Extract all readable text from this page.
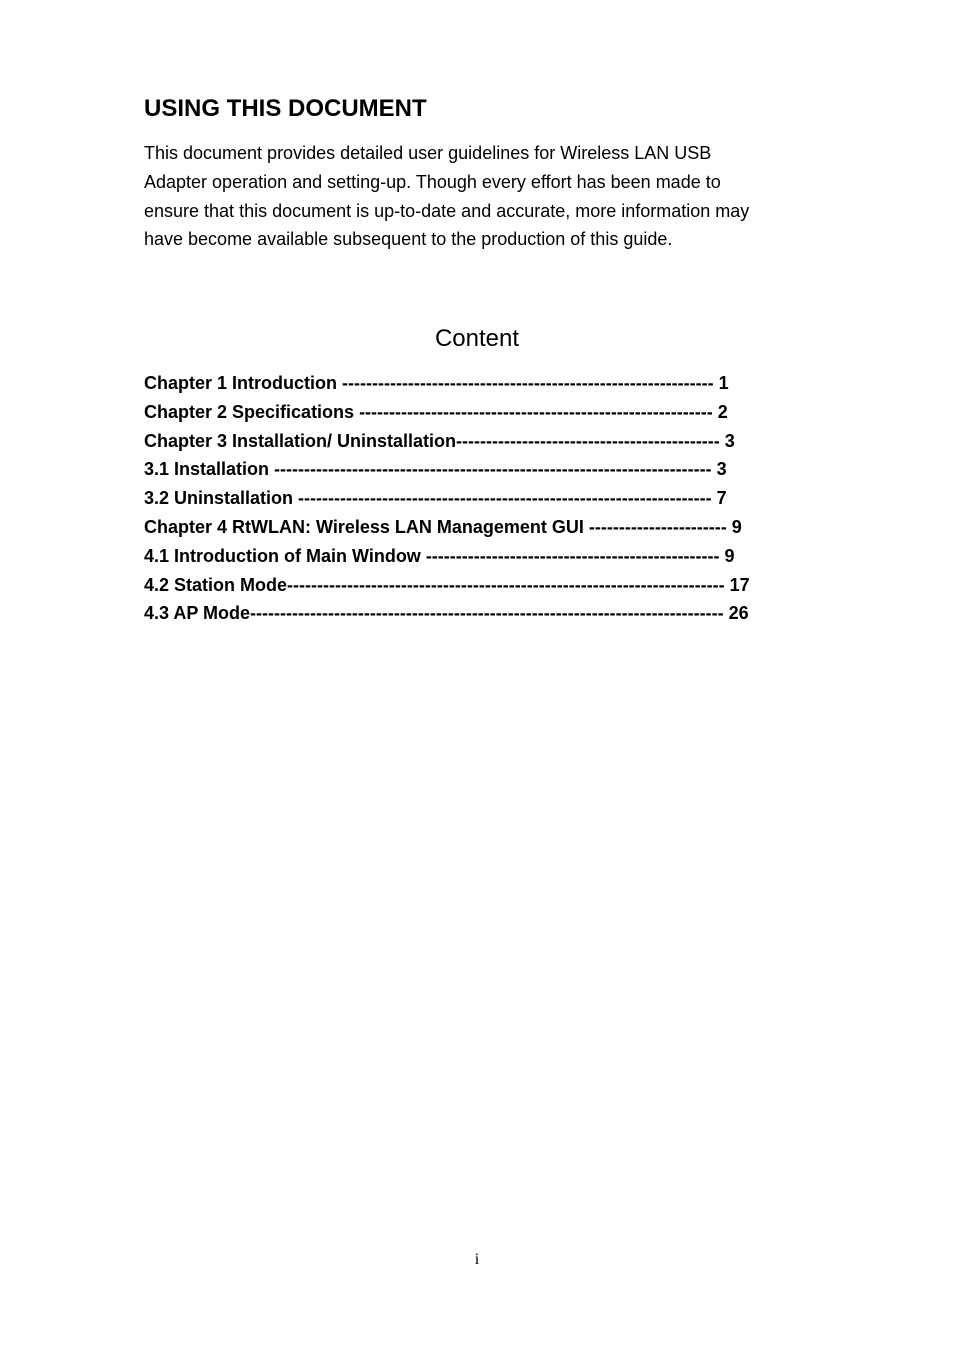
USING THIS DOCUMENT

This document provides detailed user guidelines for Wireless LAN USB
Adapter operation and setting-up. Though every effort has been made to
ensure that this document is up-to-date and accurate, more information may
have become available subsequent to the production of this guide.

Content
Chapter 1 Introduction -------------------------------------------------------------- 1
Chapter 2 Specifications ----------------------------------------------------------- 2
Chapter 3 Installation/ Uninstallation-------------------------------------------- 3
3.1 Installation ------------------------------------------------------------------------- 3
3.2 Uninstallation --------------------------------------------------------------------- 7
Chapter 4 RtWLAN: Wireless LAN Management GUI ----------------------- 9
4.1 Introduction of Main Window ------------------------------------------------- 9
4.2 Station Mode------------------------------------------------------------------------- 17
4.3 AP Mode------------------------------------------------------------------------------- 26
i
